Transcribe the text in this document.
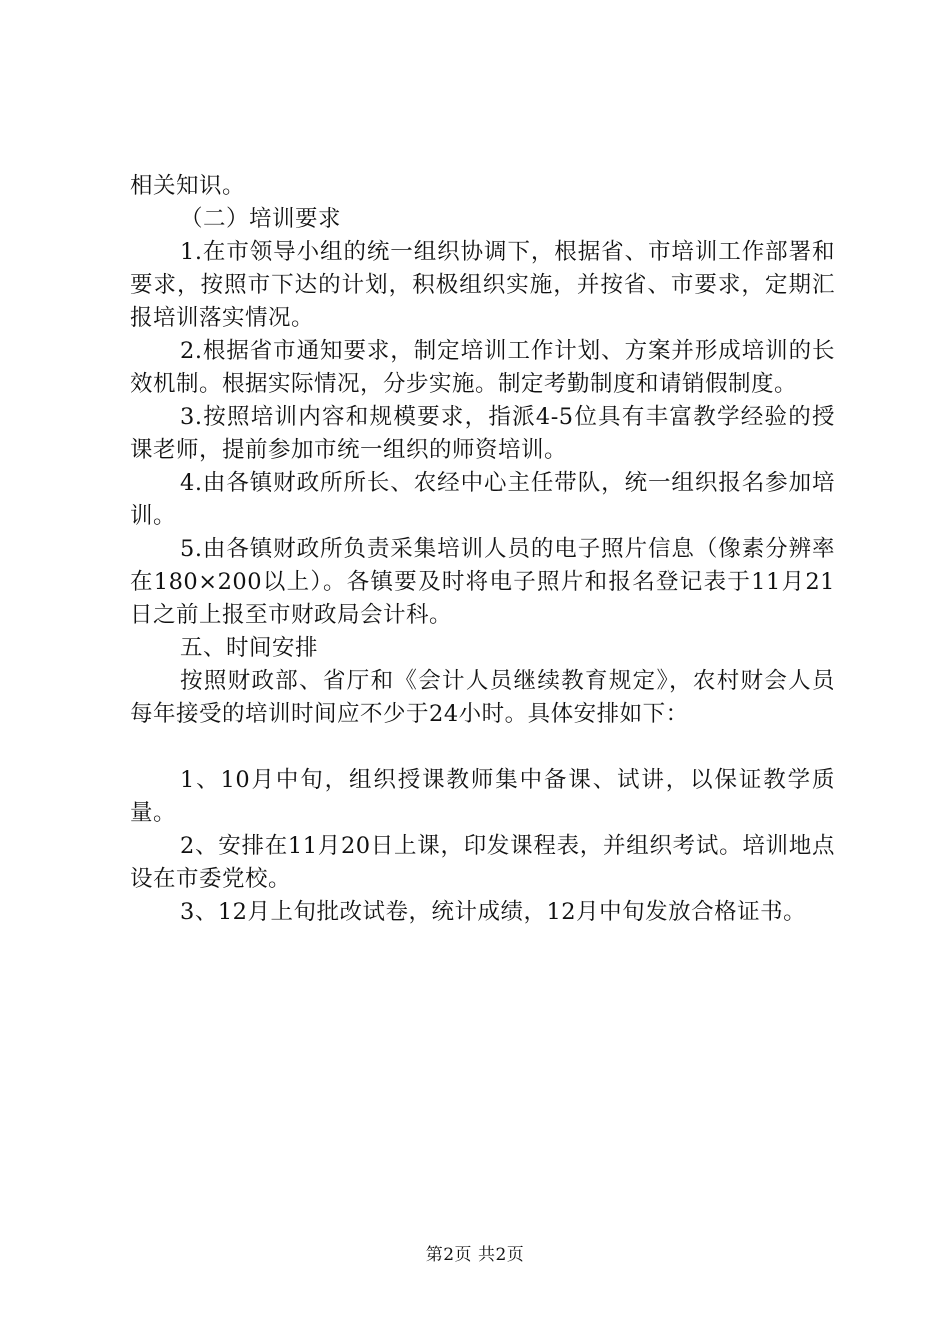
相关知识。

（二）培训要求

1.在市领导小组的统一组织协调下，根据省、市培训工作部署和要求，按照市下达的计划，积极组织实施，并按省、市要求，定期汇报培训落实情况。

2.根据省市通知要求，制定培训工作计划、方案并形成培训的长效机制。根据实际情况，分步实施。制定考勤制度和请销假制度。

3.按照培训内容和规模要求，指派4-5位具有丰富教学经验的授课老师，提前参加市统一组织的师资培训。

4.由各镇财政所所长、农经中心主任带队，统一组织报名参加培训。

5.由各镇财政所负责采集培训人员的电子照片信息（像素分辨率在180×200以上）。各镇要及时将电子照片和报名登记表于11月21日之前上报至市财政局会计科。

五、时间安排

按照财政部、省厅和《会计人员继续教育规定》，农村财会人员每年接受的培训时间应不少于24小时。具体安排如下：

1、10月中旬，组织授课教师集中备课、试讲，以保证教学质量。

2、安排在11月20日上课，印发课程表，并组织考试。培训地点设在市委党校。

3、12月上旬批改试卷，统计成绩，12月中旬发放合格证书。

第2页 共2页
